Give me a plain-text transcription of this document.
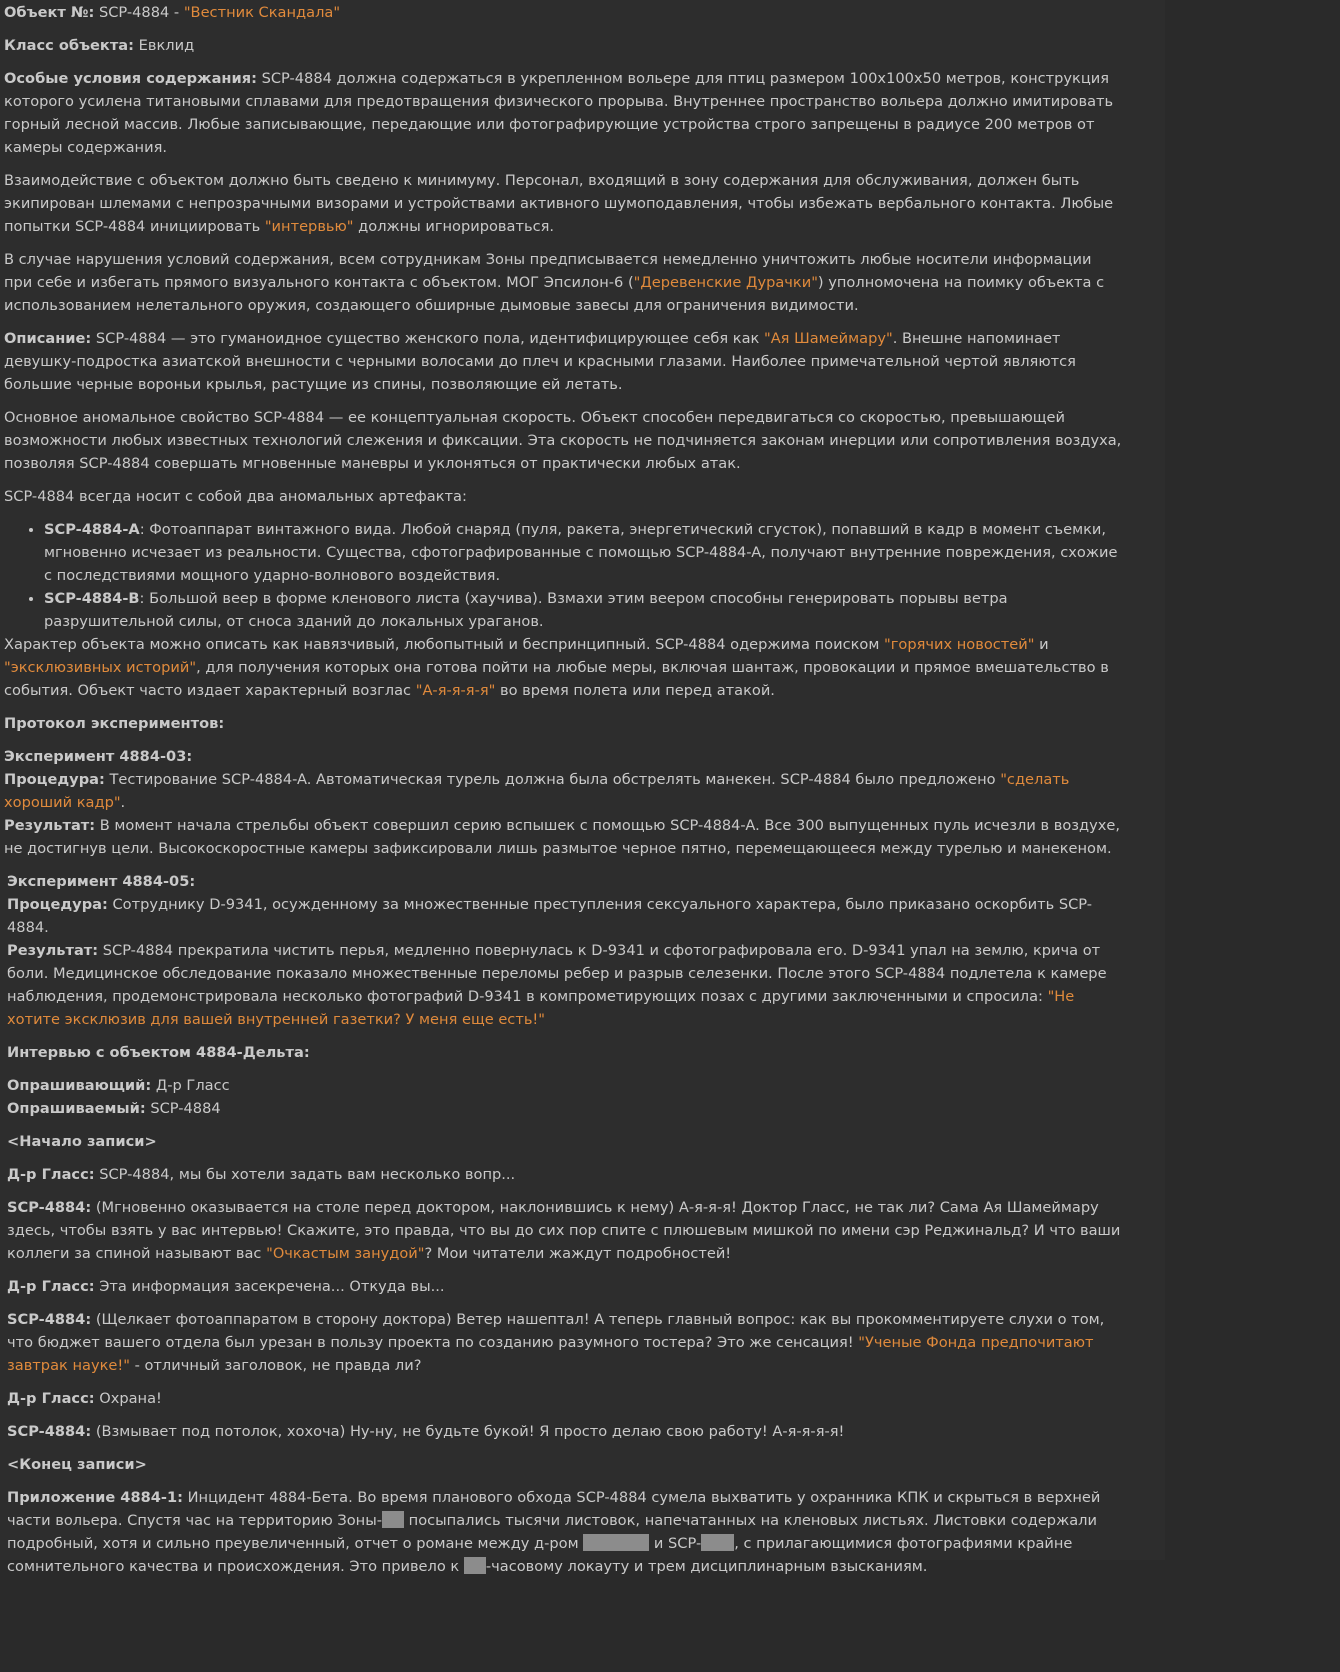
Объект №: SCP-4884 - "Вестник Скандала"

Класс объекта: Евклид

Особые условия содержания: SCP-4884 должна содержаться в укрепленном вольере для птиц размером 100х100х50 метров, конструкция которого усилена титановыми сплавами для предотвращения физического прорыва. Внутреннее пространство вольера должно имитировать горный лесной массив. Любые записывающие, передающие или фотографирующие устройства строго запрещены в радиусе 200 метров от камеры содержания.

Взаимодействие с объектом должно быть сведено к минимуму. Персонал, входящий в зону содержания для обслуживания, должен быть экипирован шлемами с непрозрачными визорами и устройствами активного шумоподавления, чтобы избежать вербального контакта. Любые попытки SCP-4884 инициировать "интервью" должны игнорироваться.

В случае нарушения условий содержания, всем сотрудникам Зоны предписывается немедленно уничтожить любые носители информации при себе и избегать прямого визуального контакта с объектом. МОГ Эпсилон-6 ("Деревенские Дурачки") уполномочена на поимку объекта с использованием нелетального оружия, создающего обширные дымовые завесы для ограничения видимости.

Описание: SCP-4884 — это гуманоидное существо женского пола, идентифицирующее себя как "Ая Шамеймару". Внешне напоминает девушку-подростка азиатской внешности с черными волосами до плеч и красными глазами. Наиболее примечательной чертой являются большие черные вороньи крылья, растущие из спины, позволяющие ей летать.

Основное аномальное свойство SCP-4884 — ее концептуальная скорость. Объект способен передвигаться со скоростью, превышающей возможности любых известных технологий слежения и фиксации. Эта скорость не подчиняется законам инерции или сопротивления воздуха, позволяя SCP-4884 совершать мгновенные маневры и уклоняться от практически любых атак.

SCP-4884 всегда носит с собой два аномальных артефакта:

• SCP-4884-A: Фотоаппарат винтажного вида. Любой снаряд (пуля, ракета, энергетический сгусток), попавший в кадр в момент съемки, мгновенно исчезает из реальности. Существа, сфотографированные с помощью SCP-4884-A, получают внутренние повреждения, схожие с последствиями мощного ударно-волнового воздействия.
• SCP-4884-B: Большой веер в форме кленового листа (хаучива). Взмахи этим веером способны генерировать порывы ветра разрушительной силы, от сноса зданий до локальных ураганов.

Характер объекта можно описать как навязчивый, любопытный и беспринципный. SCP-4884 одержима поиском "горячих новостей" и "эксклюзивных историй", для получения которых она готова пойти на любые меры, включая шантаж, провокации и прямое вмешательство в события. Объект часто издает характерный возглас "А-я-я-я-я" во время полета или перед атакой.

Протокол экспериментов:

Эксперимент 4884-03:
Процедура: Тестирование SCP-4884-A. Автоматическая турель должна была обстрелять манекен. SCP-4884 было предложено "сделать хороший кадр".
Результат: В момент начала стрельбы объект совершил серию вспышек с помощью SCP-4884-A. Все 300 выпущенных пуль исчезли в воздухе, не достигнув цели. Высокоскоростные камеры зафиксировали лишь размытое черное пятно, перемещающееся между турелью и манекеном.

Эксперимент 4884-05:
Процедура: Сотруднику D-9341, осужденному за множественные преступления сексуального характера, было приказано оскорбить SCP-4884.
Результат: SCP-4884 прекратила чистить перья, медленно повернулась к D-9341 и сфотографировала его. D-9341 упал на землю, крича от боли. Медицинское обследование показало множественные переломы ребер и разрыв селезенки. После этого SCP-4884 подлетела к камере наблюдения, продемонстрировала несколько фотографий D-9341 в компрометирующих позах с другими заключенными и спросила: "Не хотите эксклюзив для вашей внутренней газетки? У меня еще есть!"

Интервью с объектом 4884-Дельта:

Опрашивающий: Д-р Гласс
Опрашиваемый: SCP-4884

<Начало записи>

Д-р Гласс: SCP-4884, мы бы хотели задать вам несколько вопр...

SCP-4884: (Мгновенно оказывается на столе перед доктором, наклонившись к нему) А-я-я-я! Доктор Гласс, не так ли? Сама Ая Шамеймару здесь, чтобы взять у вас интервью! Скажите, это правда, что вы до сих пор спите с плюшевым мишкой по имени сэр Реджинальд? И что ваши коллеги за спиной называют вас "Очкастым занудой"? Мои читатели жаждут подробностей!

Д-р Гласс: Эта информация засекречена... Откуда вы...

SCP-4884: (Щелкает фотоаппаратом в сторону доктора) Ветер нашептал! А теперь главный вопрос: как вы прокомментируете слухи о том, что бюджет вашего отдела был урезан в пользу проекта по созданию разумного тостера? Это же сенсация! "Ученые Фонда предпочитают завтрак науке!" - отличный заголовок, не правда ли?

Д-р Гласс: Охрана!

SCP-4884: (Взмывает под потолок, хохоча) Ну-ну, не будьте букой! Я просто делаю свою работу! А-я-я-я-я!

<Конец записи>

Приложение 4884-1: Инцидент 4884-Бета. Во время планового обхода SCP-4884 сумела выхватить у охранника КПК и скрыться в верхней части вольера. Спустя час на территорию Зоны- посыпались тысячи листовок, напечатанных на кленовых листьях. Листовки содержали подробный, хотя и сильно преувеличенный, отчет о романе между д-ром	и SCP- , с прилагающимися фотографиями крайне сомнительного качества и происхождения. Это привело к -часовому локауту и трем дисциплинарным взысканиям.
